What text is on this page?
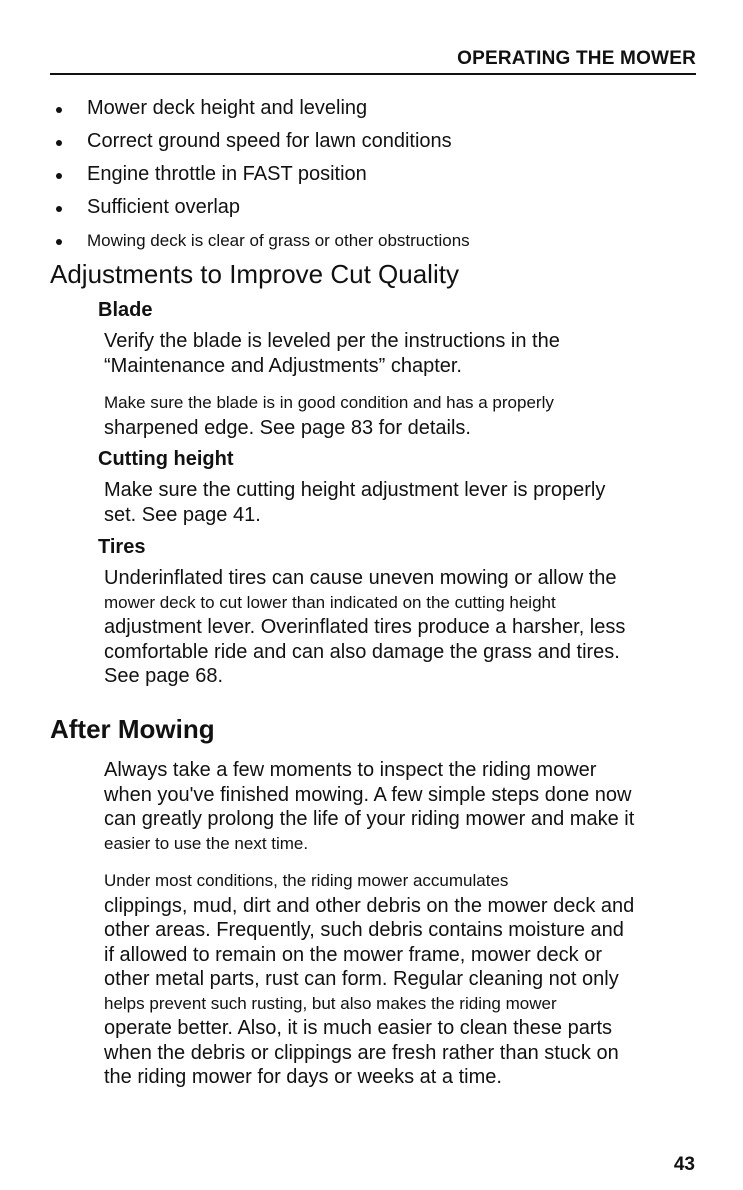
OPERATING THE MOWER
Mower deck height and leveling
Correct ground speed for lawn conditions
Engine throttle in FAST position
Sufficient overlap
Mowing deck is clear of grass or other obstructions
Adjustments to Improve Cut Quality
Blade

Verify the blade is leveled per the instructions in the
“Maintenance and Adjustments” chapter.

Make sure the blade is in good condition and has a properly
sharpened edge. See page 83 for details.

Cutting height

Make sure the cutting height adjustment lever is properly
set. See page 41.

Tires

Underinflated tires can cause uneven mowing or allow the
mower deck to cut lower than indicated on the cutting height
adjustment lever. Overinflated tires produce a harsher, less
comfortable ride and can also damage the grass and tires.
See page 68.

After Mowing

Always take a few moments to inspect the riding mower
when you've finished mowing. A few simple steps done now
can greatly prolong the life of your riding mower and make it
easier to use the next time.

Under most conditions, the riding mower accumulates
clippings, mud, dirt and other debris on the mower deck and
other areas. Frequently, such debris contains moisture and
if allowed to remain on the mower frame, mower deck or
other metal parts, rust can form. Regular cleaning not only
helps prevent such rusting, but also makes the riding mower
operate better. Also, it is much easier to clean these parts
when the debris or clippings are fresh rather than stuck on
the riding mower for days or weeks at a time.

43
